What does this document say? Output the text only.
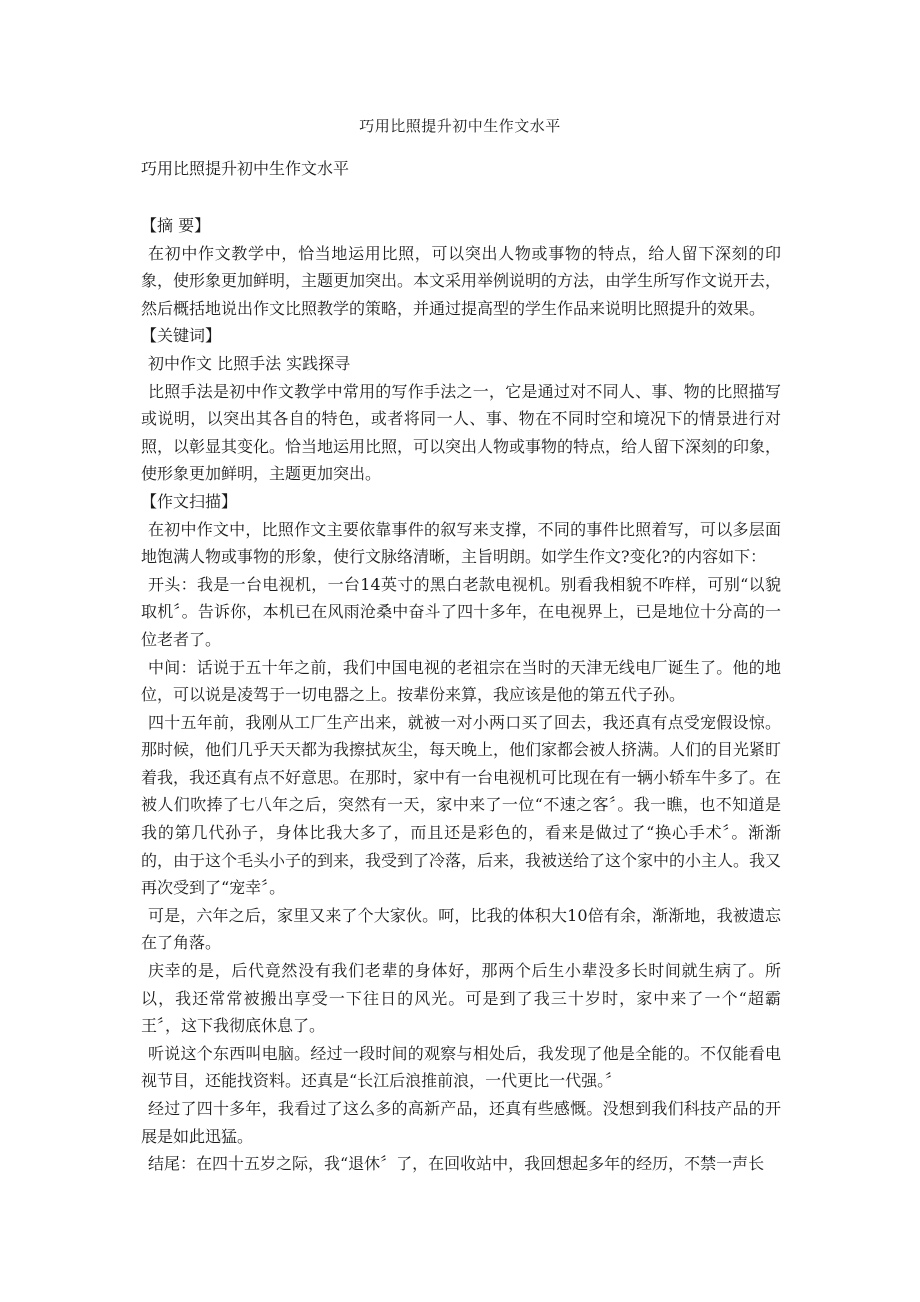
巧用比照提升初中生作文水平
巧用比照提升初中生作文水平

【摘 要】

在初中作文教学中，恰当地运用比照，可以突出人物或事物的特点，给人留下深刻的印象，使形象更加鲜明，主题更加突出。本文采用举例说明的方法，由学生所写作文说开去，然后概括地说出作文比照教学的策略，并通过提高型的学生作品来说明比照提升的效果。

【关键词】

初中作文 比照手法 实践探寻

比照手法是初中作文教学中常用的写作手法之一，它是通过对不同人、事、物的比照描写或说明，以突出其各自的特色，或者将同一人、事、物在不同时空和境况下的情景进行对照，以彰显其变化。恰当地运用比照，可以突出人物或事物的特点，给人留下深刻的印象，使形象更加鲜明，主题更加突出。

【作文扫描】

在初中作文中，比照作文主要依靠事件的叙写来支撑，不同的事件比照着写，可以多层面地饱满人物或事物的形象，使行文脉络清晰，主旨明朗。如学生作文?变化?的内容如下：

开头：我是一台电视机，一台14英寸的黑白老款电视机。别看我相貌不咋样，可别“以貌取机〞。告诉你，本机已在风雨沧桑中奋斗了四十多年，在电视界上，已是地位十分高的一位老者了。

中间：话说于五十年之前，我们中国电视的老祖宗在当时的天津无线电厂诞生了。他的地位，可以说是凌驾于一切电器之上。按辈份来算，我应该是他的第五代子孙。

四十五年前，我刚从工厂生产出来，就被一对小两口买了回去，我还真有点受宠假设惊。那时候，他们几乎天天都为我擦拭灰尘，每天晚上，他们家都会被人挤满。人们的目光紧盯着我，我还真有点不好意思。在那时，家中有一台电视机可比现在有一辆小轿车牛多了。在被人们吹捧了七八年之后，突然有一天，家中来了一位“不速之客〞。我一瞧，也不知道是我的第几代孙子，身体比我大多了，而且还是彩色的，看来是做过了“换心手术〞。渐渐的，由于这个毛头小子的到来，我受到了冷落，后来，我被送给了这个家中的小主人。我又再次受到了“宠幸〞。

可是，六年之后，家里又来了个大家伙。呵，比我的体积大10倍有余，渐渐地，我被遗忘在了角落。

庆幸的是，后代竟然没有我们老辈的身体好，那两个后生小辈没多长时间就生病了。所以，我还常常被搬出享受一下往日的风光。可是到了我三十岁时，家中来了一个“超霸王〞，这下我彻底休息了。

听说这个东西叫电脑。经过一段时间的观察与相处后，我发现了他是全能的。不仅能看电视节目，还能找资料。还真是“长江后浪推前浪，一代更比一代强。〞

经过了四十多年，我看过了这么多的高新产品，还真有些感慨。没想到我们科技产品的开展是如此迅猛。

结尾：在四十五岁之际，我“退休〞了，在回收站中，我回想起多年的经历，不禁一声长
